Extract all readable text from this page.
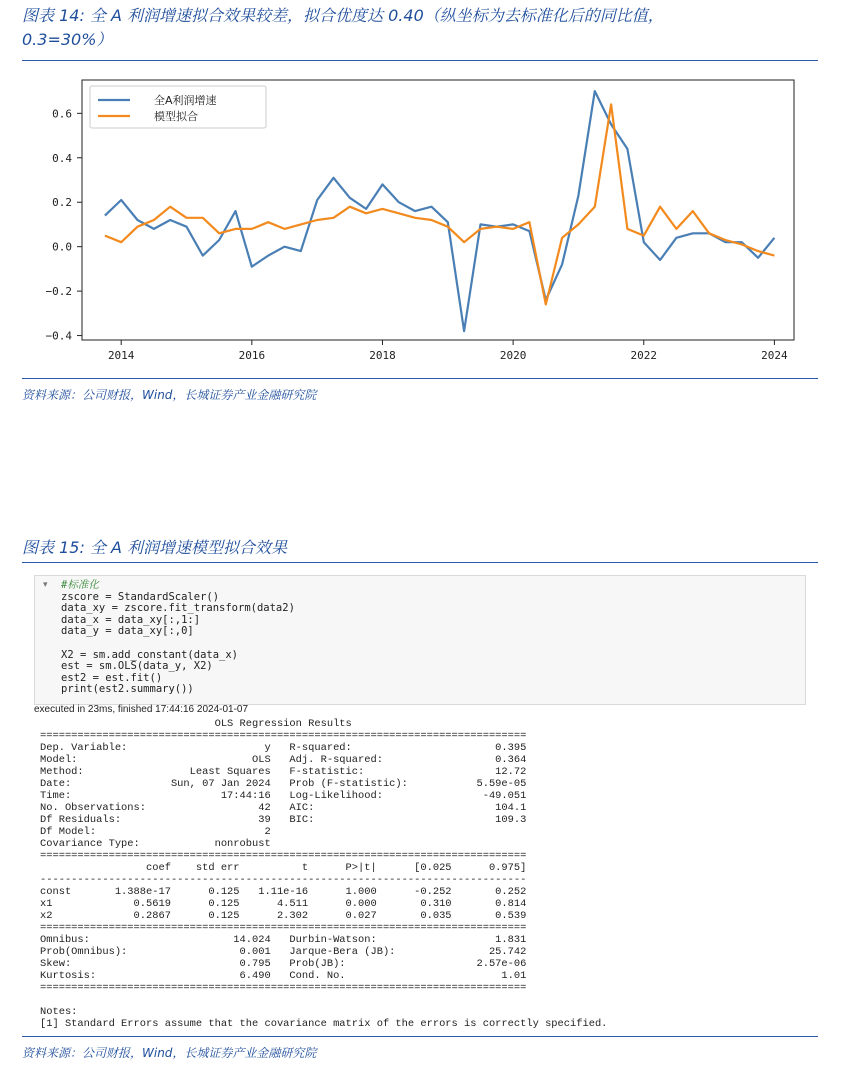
图表 14: 全 A 利润增速拟合效果较差，拟合优度达 0.40（纵坐标为去标准化后的同比值，
0.3=30%）
0.6
0.4
0.2
0.0
−0.2
−0.4
2014	2016	2018	2020	2022	2024
全A利润增速
模型拟合
资料来源：公司财报，Wind，长城证券产业金融研究院
图表 15: 全 A 利润增速模型拟合效果
▾ #标准化
zscore = StandardScaler()
data_xy = zscore.fit_transform(data2)
data_x = data_xy[:,1:]
data_y = data_xy[:,0]

X2 = sm.add_constant(data_x)
est = sm.OLS(data_y, X2)
est2 = est.fit()
print(est2.summary())
executed in 23ms, finished 17:44:16 2024-01-07
OLS Regression Results
==============================================================================
Dep. Variable:                      y   R-squared:                       0.395
Model:                            OLS   Adj. R-squared:                  0.364
Method:                 Least Squares   F-statistic:                     12.72
Date:                Sun, 07 Jan 2024   Prob (F-statistic):           5.59e-05
Time:                        17:44:16   Log-Likelihood:                -49.051
No. Observations:                  42   AIC:                             104.1
Df Residuals:                      39   BIC:                             109.3
Df Model:                           2
Covariance Type:            nonrobust
==============================================================================
coef    std err          t      P>|t|      [0.025      0.975]
------------------------------------------------------------------------------
const       1.388e-17      0.125   1.11e-16      1.000      -0.252       0.252
x1             0.5619      0.125      4.511      0.000       0.310       0.814
x2             0.2867      0.125      2.302      0.027       0.035       0.539
==============================================================================
Omnibus:                       14.024   Durbin-Watson:                   1.831
Prob(Omnibus):                  0.001   Jarque-Bera (JB):               25.742
Skew:                           0.795   Prob(JB):                     2.57e-06
Kurtosis:                       6.490   Cond. No.                         1.01
==============================================================================

Notes:
[1] Standard Errors assume that the covariance matrix of the errors is correctly specified.
资料来源：公司财报，Wind，长城证券产业金融研究院
